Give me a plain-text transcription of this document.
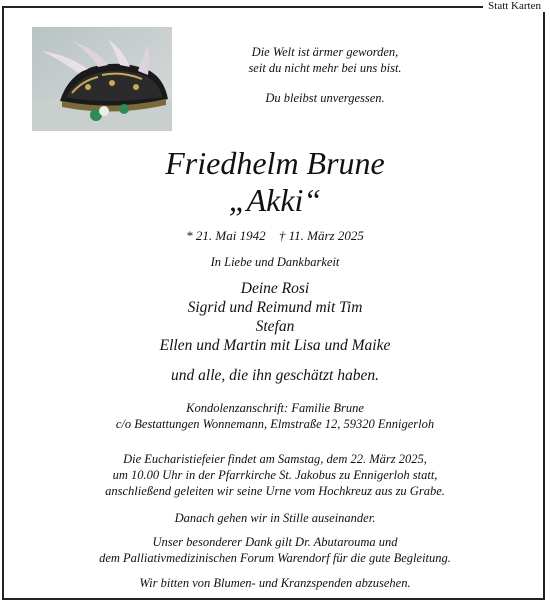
Statt Karten
Die Welt ist ärmer geworden,
seit du nicht mehr bei uns bist.
Du bleibst unvergessen.
Friedhelm Brune
„Akki“
* 21. Mai 1942 † 11. März 2025
In Liebe und Dankbarkeit
Deine Rosi
Sigrid und Reimund mit Tim
Stefan
Ellen und Martin mit Lisa und Maike
und alle, die ihn geschätzt haben.
Kondolenzanschrift: Familie Brune
c/o Bestattungen Wonnemann, Elmstraße 12, 59320 Ennigerloh
Die Eucharistiefeier findet am Samstag, dem 22. März 2025,
um 10.00 Uhr in der Pfarrkirche St. Jakobus zu Ennigerloh statt,
anschließend geleiten wir seine Urne vom Hochkreuz aus zu Grabe.
Danach gehen wir in Stille auseinander.
Unser besonderer Dank gilt Dr. Abutarouma und
dem Palliativmedizinischen Forum Warendorf für die gute Begleitung.
Wir bitten von Blumen- und Kranzspenden abzusehen.
